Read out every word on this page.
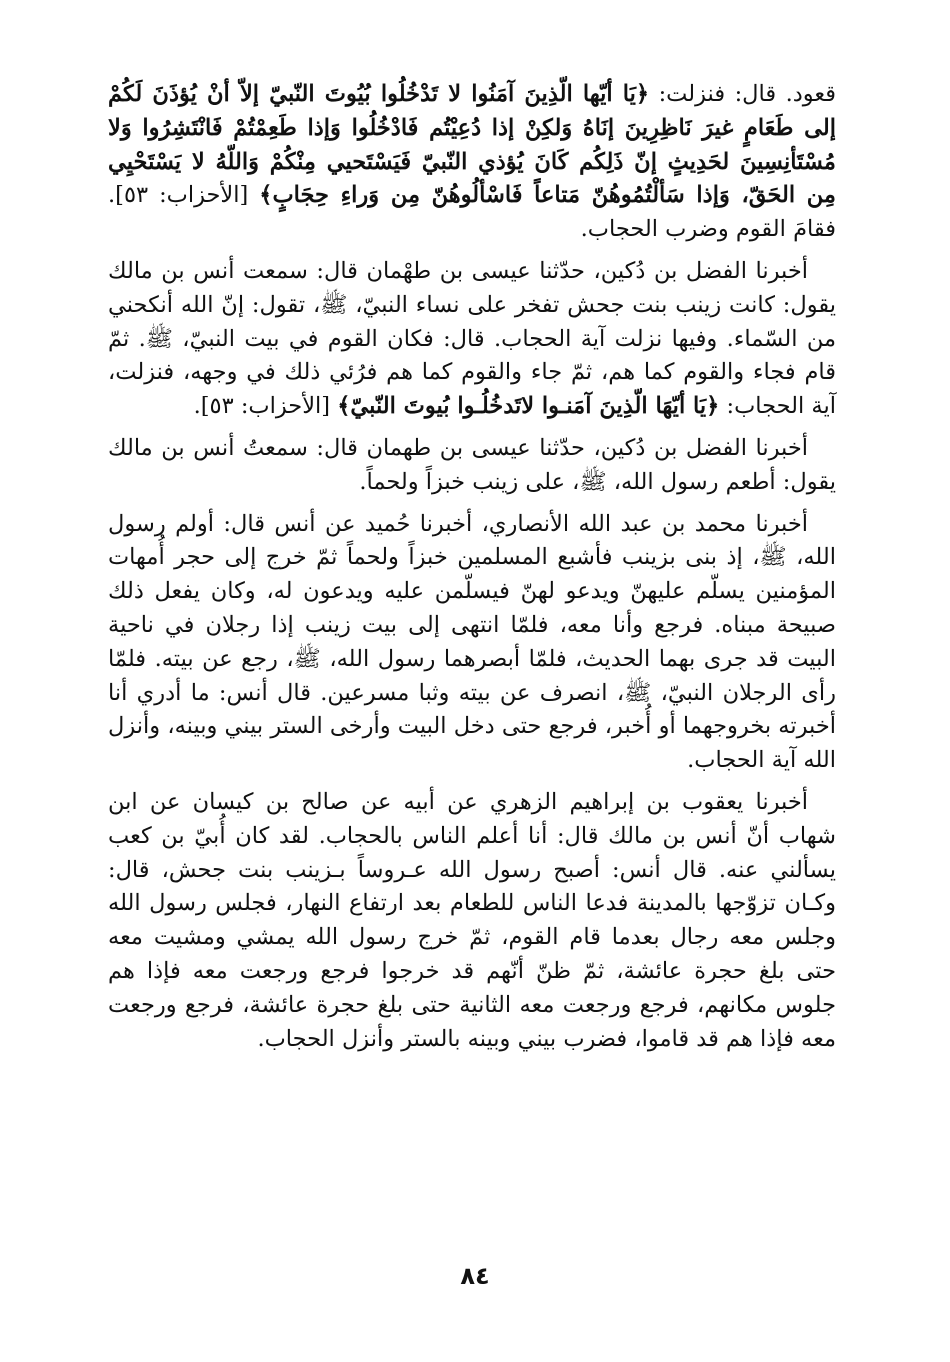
قعود. قال: فنزلت: ﴿يَا أيّها الّذِينَ آمَنُوا لا تَدْخُلُوا بُيُوتَ النّبيّ إلاّ أنْ يُؤذَنَ لَكُمْ إلى طَعَامٍ غيرَ نَاظِرِينَ إنَاهُ وَلكِنْ إذا دُعِيْتُم فَادْخُلُوا وَإذا طَعِمْتُمْ فَانْتَشِرُوا وَلا مُسْتَأنِسِينَ لحَدِيثٍ إنّ ذَلِكُم كَانَ يُؤذي النّبيّ فَيَسْتَحيي مِنْكُمْ وَاللّهُ لا يَسْتَحْيِي مِن الحَقّ، وَإذا سَألْتُمُوهُنّ مَتاعاً فَاسْألُوهُنّ مِن وَراءِ حِجَابٍ﴾ [الأحزاب: ٥٣]. فقامَ القوم وضرب الحجاب.

أخبرنا الفضل بن دُكين، حدّثنا عيسى بن طهْمان قال: سمعت أنس بن مالك يقول: كانت زينب بنت جحش تفخر على نساء النبيّ، ﷺ، تقول: إنّ الله أنكحني من السّماء. وفيها نزلت آية الحجاب. قال: فكان القوم في بيت النبيّ، ﷺ. ثمّ قام فجاء والقوم كما هم، ثمّ جاء والقوم كما هم فرُئي ذلك في وجهه، فنزلت، آية الحجاب: ﴿يَا أيّهَا الّذِينَ آمَنـوا لاتَدخُلُـوا بُيوتَ النّبيّ﴾ [الأحزاب: ٥٣].

أخبرنا الفضل بن دُكين، حدّثنا عيسى بن طهمان قال: سمعتُ أنس بن مالك يقول: أطعم رسول الله، ﷺ، على زينب خبزاً ولحماً.

أخبرنا محمد بن عبد الله الأنصاري، أخبرنا حُميد عن أنس قال: أولم رسول الله، ﷺ، إذ بنى بزينب فأشبع المسلمين خبزاً ولحماً ثمّ خرج إلى حجر أُمهات المؤمنين يسلّم عليهنّ ويدعو لهنّ فيسلّمن عليه ويدعون له، وكان يفعل ذلك صبيحة مبناه. فرجع وأنا معه، فلمّا انتهى إلى بيت زينب إذا رجلان في ناحية البيت قد جرى بهما الحديث، فلمّا أبصرهما رسول الله، ﷺ، رجع عن بيته. فلمّا رأى الرجلان النبيّ، ﷺ، انصرف عن بيته وثبا مسرعين. قال أنس: ما أدري أنا أخبرته بخروجهما أو أُخبر، فرجع حتى دخل البيت وأرخى الستر بيني وبينه، وأنزل الله آية الحجاب.

أخبرنا يعقوب بن إبراهيم الزهري عن أبيه عن صالح بن كيسان عن ابن شهاب أنّ أنس بن مالك قال: أنا أعلم الناس بالحجاب. لقد كان أُبيّ بن كعب يسألني عنه. قال أنس: أصبح رسول الله عـروساً بـزينب بنت جحش، قال: وكـان تزوّجها بالمدينة فدعا الناس للطعام بعد ارتفاع النهار، فجلس رسول الله وجلس معه رجال بعدما قام القوم، ثمّ خرج رسول الله يمشي ومشيت معه حتى بلغ حجرة عائشة، ثمّ ظنّ أنّهم قد خرجوا فرجع ورجعت معه فإذا هم جلوس مكانهم، فرجع ورجعت معه الثانية حتى بلغ حجرة عائشة، فرجع ورجعت معه فإذا هم قد قاموا، فضرب بيني وبينه بالستر وأنزل الحجاب.

٨٤
